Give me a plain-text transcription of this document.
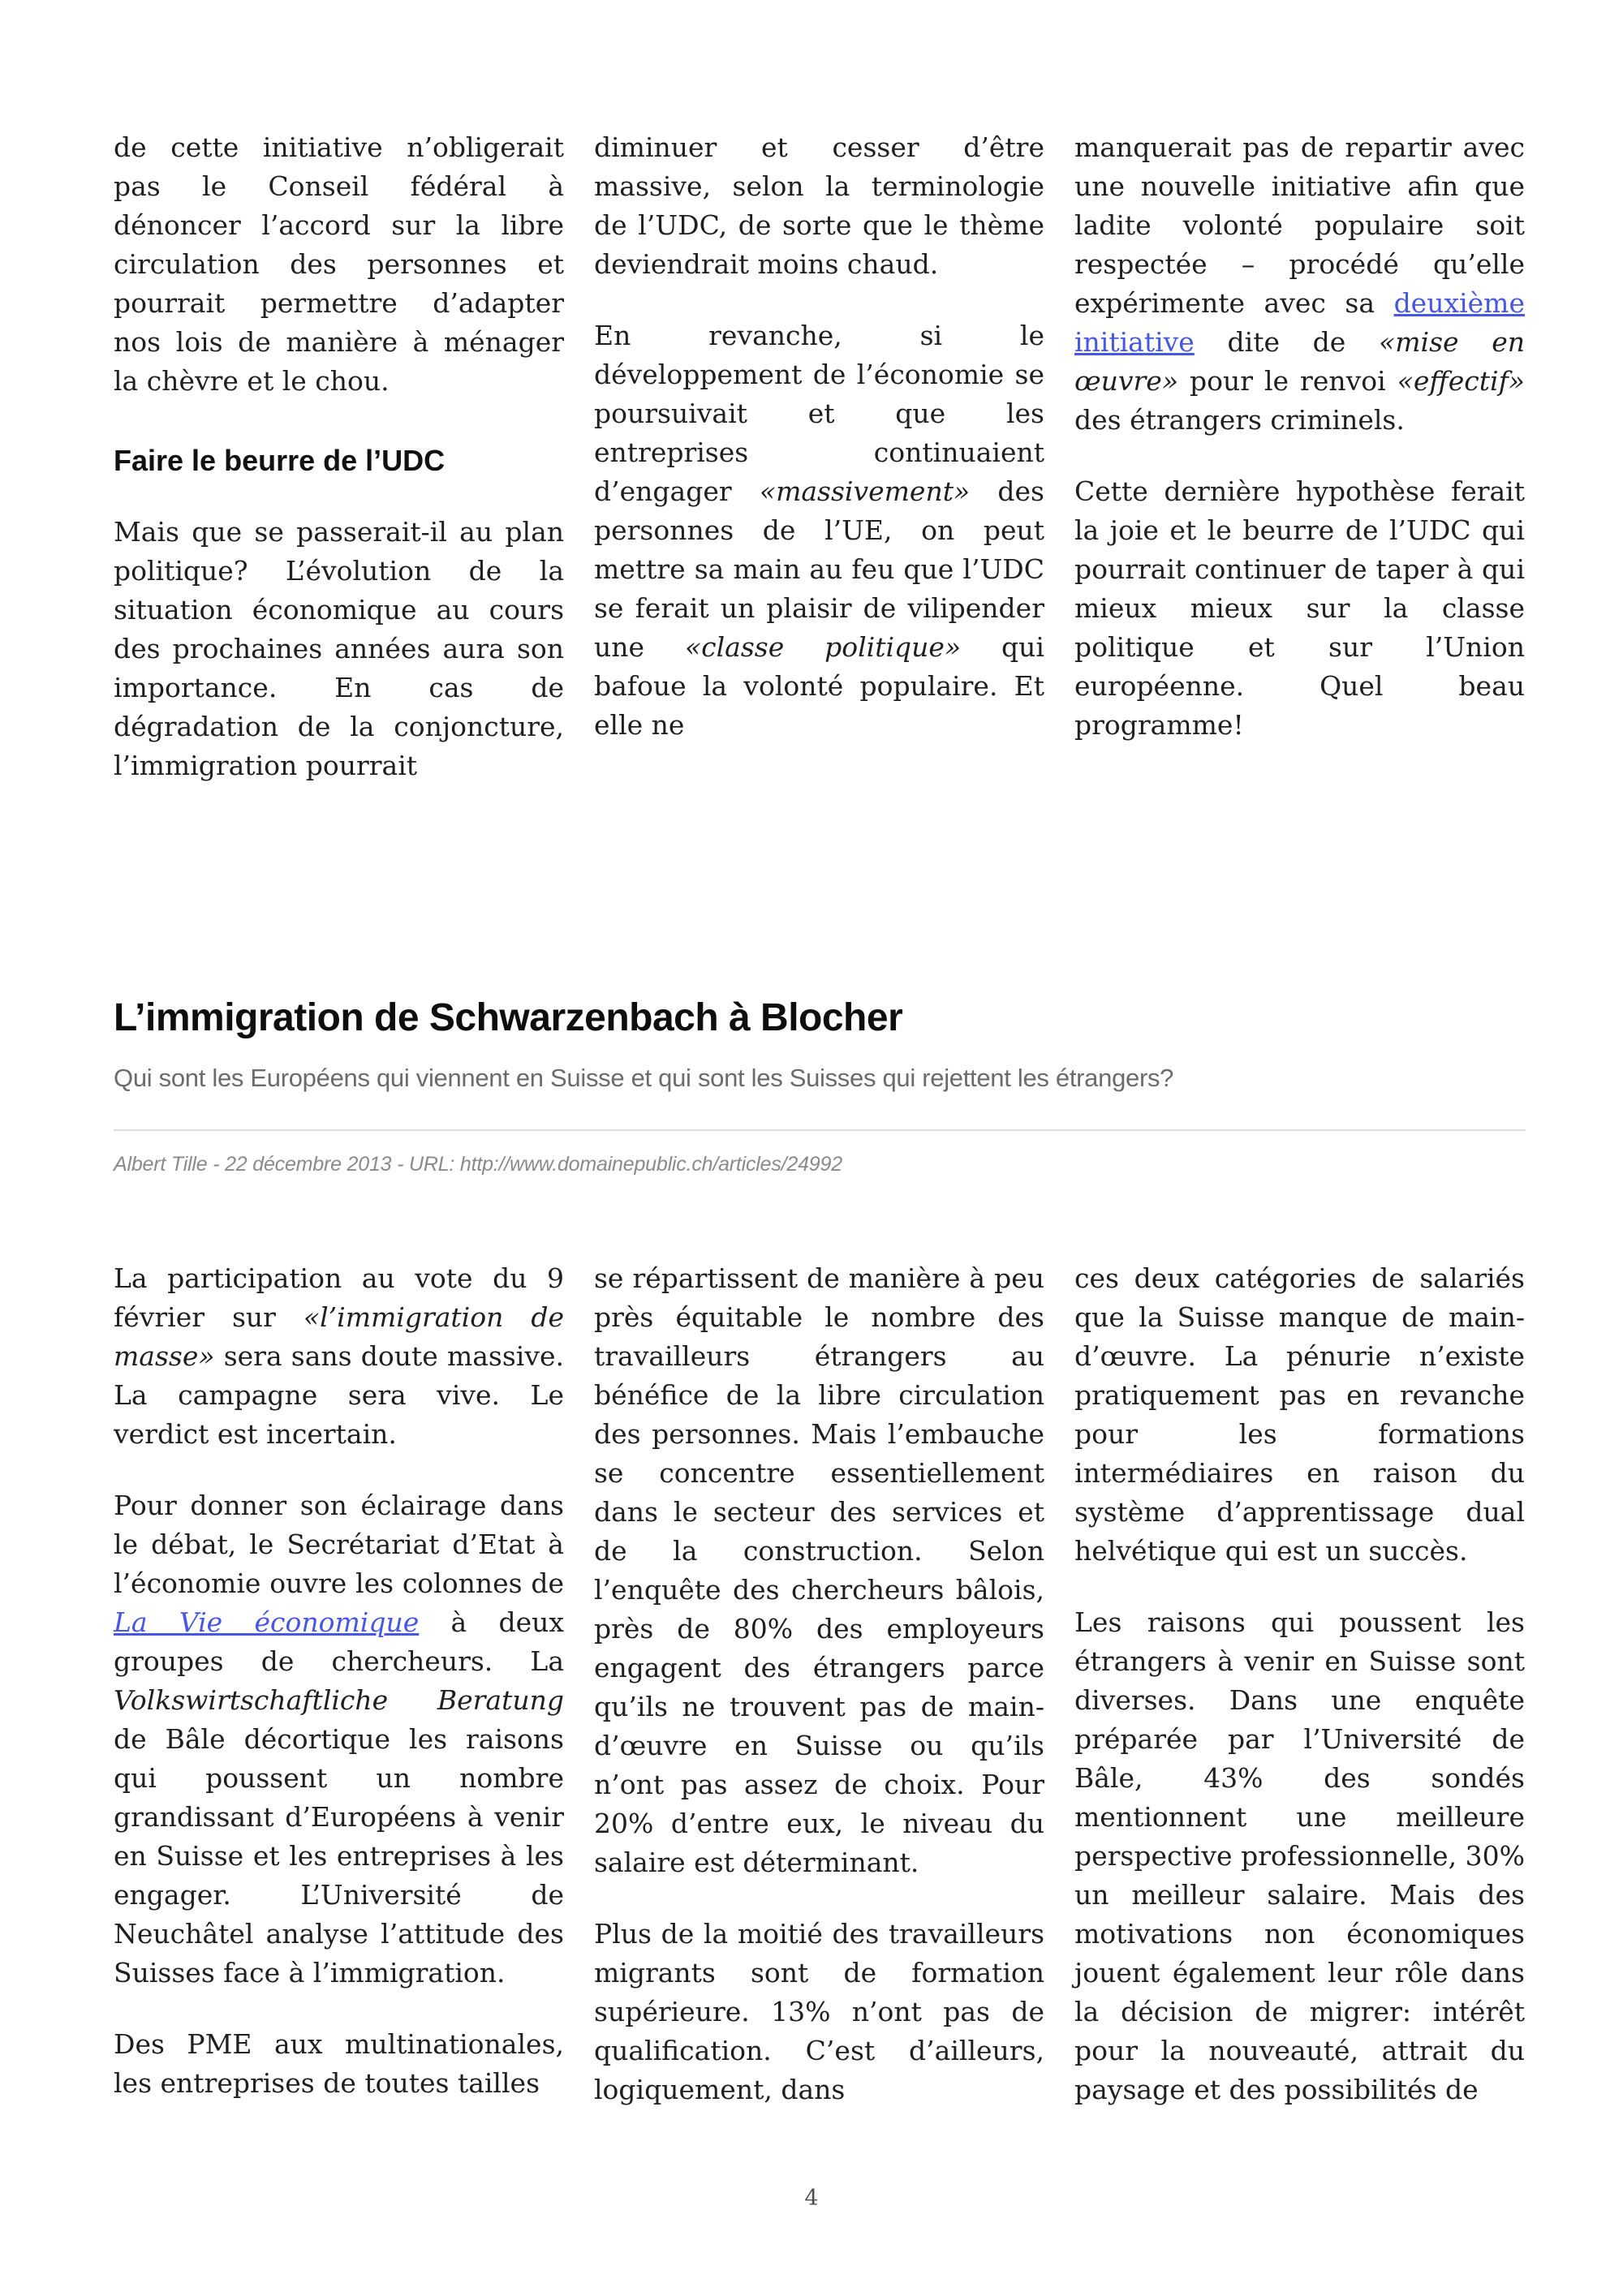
de cette initiative n’obligerait pas le Conseil fédéral à dénoncer l’accord sur la libre circulation des personnes et pourrait permettre d’adapter nos lois de manière à ménager la chèvre et le chou.

Faire le beurre de l’UDC

Mais que se passerait-il au plan politique? L’évolution de la situation économique au cours des prochaines années aura son importance. En cas de dégradation de la conjoncture, l’immigration pourrait

diminuer et cesser d’être massive, selon la terminologie de l’UDC, de sorte que le thème deviendrait moins chaud.

En revanche, si le développement de l’économie se poursuivait et que les entreprises continuaient d’engager «massivement» des personnes de l’UE, on peut mettre sa main au feu que l’UDC se ferait un plaisir de vilipender une «classe politique» qui bafoue la volonté populaire. Et elle ne

manquerait pas de repartir avec une nouvelle initiative afin que ladite volonté populaire soit respectée – procédé qu’elle expérimente avec sa deuxième initiative dite de «mise en œuvre» pour le renvoi «effectif» des étrangers criminels.

Cette dernière hypothèse ferait la joie et le beurre de l’UDC qui pourrait continuer de taper à qui mieux mieux sur la classe politique et sur l’Union européenne. Quel beau programme!

L’immigration de Schwarzenbach à Blocher
Qui sont les Européens qui viennent en Suisse et qui sont les Suisses qui rejettent les étrangers?
Albert Tille - 22 décembre 2013 - URL: http://www.domainepublic.ch/articles/24992

La participation au vote du 9 février sur «l’immigration de masse» sera sans doute massive. La campagne sera vive. Le verdict est incertain.

Pour donner son éclairage dans le débat, le Secrétariat d’Etat à l’économie ouvre les colonnes de La Vie économique à deux groupes de chercheurs. La Volkswirtschaftliche Beratung de Bâle décortique les raisons qui poussent un nombre grandissant d’Européens à venir en Suisse et les entreprises à les engager. L’Université de Neuchâtel analyse l’attitude des Suisses face à l’immigration.

Des PME aux multinationales, les entreprises de toutes tailles

se répartissent de manière à peu près équitable le nombre des travailleurs étrangers au bénéfice de la libre circulation des personnes. Mais l’embauche se concentre essentiellement dans le secteur des services et de la construction. Selon l’enquête des chercheurs bâlois, près de 80% des employeurs engagent des étrangers parce qu’ils ne trouvent pas de main-d’œuvre en Suisse ou qu’ils n’ont pas assez de choix. Pour 20% d’entre eux, le niveau du salaire est déterminant.

Plus de la moitié des travailleurs migrants sont de formation supérieure. 13% n’ont pas de qualification. C’est d’ailleurs, logiquement, dans

ces deux catégories de salariés que la Suisse manque de main-d’œuvre. La pénurie n’existe pratiquement pas en revanche pour les formations intermédiaires en raison du système d’apprentissage dual helvétique qui est un succès.

Les raisons qui poussent les étrangers à venir en Suisse sont diverses. Dans une enquête préparée par l’Université de Bâle, 43% des sondés mentionnent une meilleure perspective professionnelle, 30% un meilleur salaire. Mais des motivations non économiques jouent également leur rôle dans la décision de migrer: intérêt pour la nouveauté, attrait du paysage et des possibilités de

4
